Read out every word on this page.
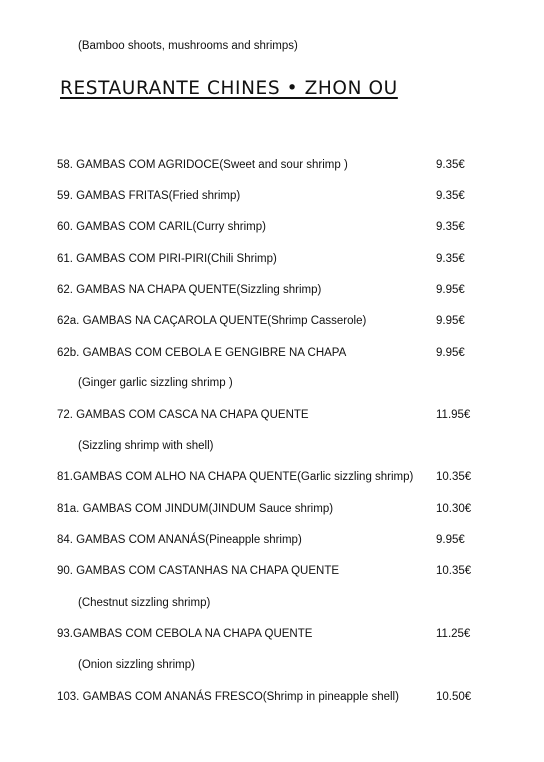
(Bamboo shoots, mushrooms and shrimps)
RESTAURANTE CHINES • ZHON OU
58. GAMBAS COM AGRIDOCE(Sweet and sour shrimp )	9.35€
59. GAMBAS FRITAS(Fried shrimp)	9.35€
60. GAMBAS COM CARIL(Curry shrimp)	9.35€
61. GAMBAS COM PIRI-PIRI(Chili Shrimp)	9.35€
62. GAMBAS NA CHAPA QUENTE(Sizzling shrimp)	9.95€
62a. GAMBAS NA CAÇAROLA QUENTE(Shrimp Casserole)	9.95€
62b. GAMBAS COM CEBOLA E GENGIBRE NA CHAPA	9.95€
(Ginger garlic sizzling shrimp )
72. GAMBAS COM CASCA NA CHAPA QUENTE	11.95€
(Sizzling shrimp with shell)
81.GAMBAS COM ALHO NA CHAPA QUENTE(Garlic sizzling shrimp) 10.35€
81a. GAMBAS COM JINDUM(JINDUM Sauce shrimp)	10.30€
84. GAMBAS COM ANANÁS(Pineapple shrimp)	9.95€
90. GAMBAS COM CASTANHAS NA CHAPA QUENTE	10.35€
(Chestnut sizzling shrimp)
93.GAMBAS COM CEBOLA NA CHAPA QUENTE	11.25€
(Onion sizzling shrimp)
103. GAMBAS COM ANANÁS FRESCO(Shrimp in pineapple shell)	10.50€
